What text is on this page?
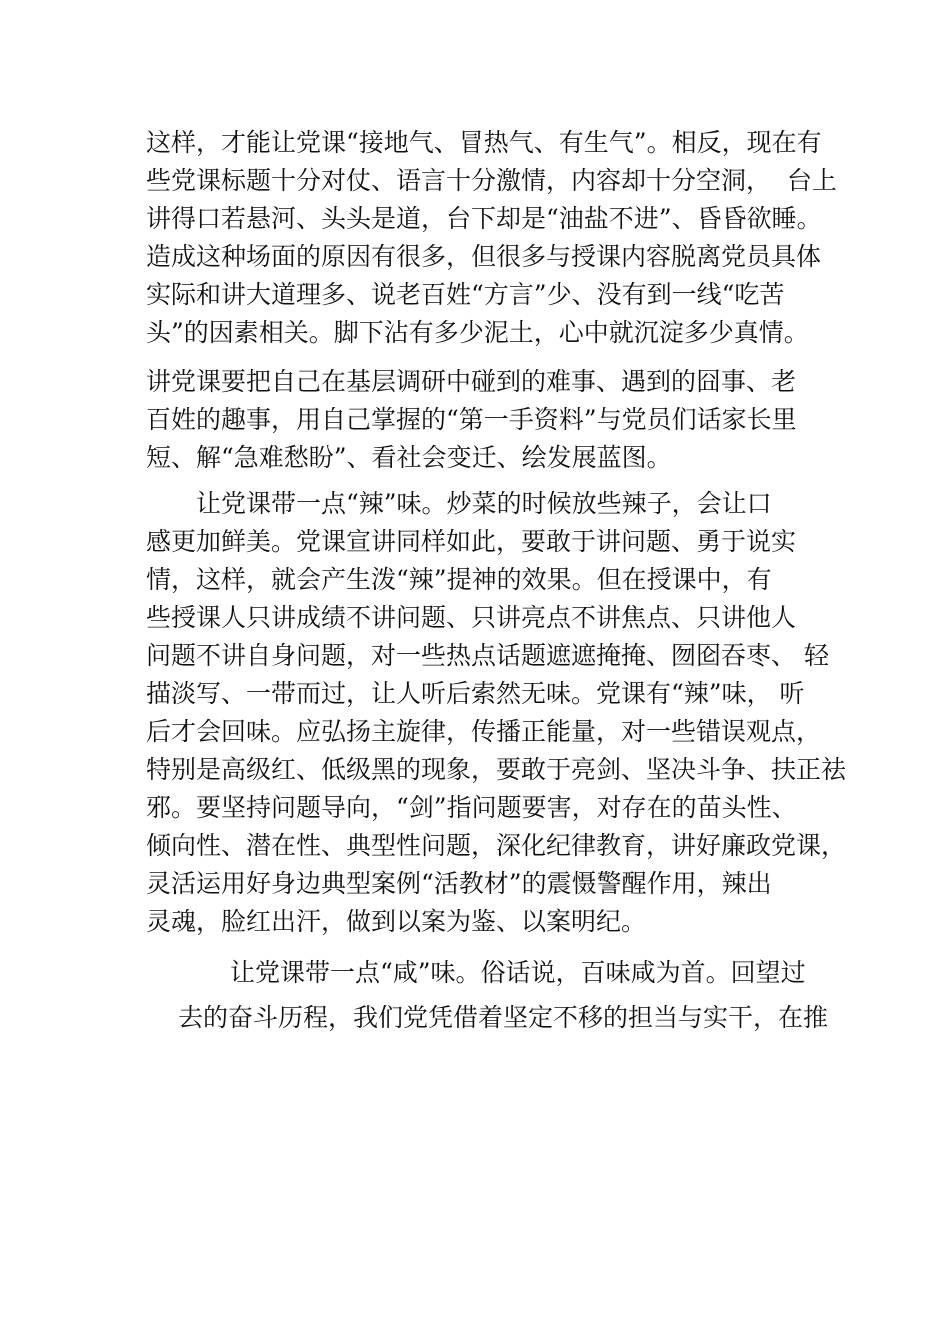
这样，才能让党课“接地气、冒热气、有生气”。相反，现在有
些党课标题十分对仗、语言十分激情，内容却十分空洞，  台上
讲得口若悬河、头头是道，台下却是“油盐不进”、昏昏欲睡。
造成这种场面的原因有很多，但很多与授课内容脱离党员具体
实际和讲大道理多、说老百姓“方言”少、没有到一线“吃苦
头”的因素相关。脚下沾有多少泥土，心中就沉淀多少真情。
讲党课要把自己在基层调研中碰到的难事、遇到的囧事、老
百姓的趣事，用自己掌握的“第一手资料”与党员们话家长里
短、解“急难愁盼”、看社会变迁、绘发展蓝图。
让党课带一点“辣”味。炒菜的时候放些辣子，会让口
感更加鲜美。党课宣讲同样如此，要敢于讲问题、勇于说实
情，这样，就会产生泼“辣”提神的效果。但在授课中，有
些授课人只讲成绩不讲问题、只讲亮点不讲焦点、只讲他人
问题不讲自身问题，对一些热点话题遮遮掩掩、囫囵吞枣、 轻
描淡写、一带而过，让人听后索然无味。党课有“辣”味， 听
后才会回味。应弘扬主旋律，传播正能量，对一些错误观点，
特别是高级红、低级黑的现象，要敢于亮剑、坚决斗争、扶正祛
邪。要坚持问题导向，“剑”指问题要害，对存在的苗头性、
倾向性、潜在性、典型性问题，深化纪律教育，讲好廉政党课，
灵活运用好身边典型案例“活教材”的震慑警醒作用，辣出
灵魂，脸红出汗，做到以案为鉴、以案明纪。
让党课带一点“咸”味。俗话说，百味咸为首。回望过
去的奋斗历程，我们党凭借着坚定不移的担当与实干，在推
